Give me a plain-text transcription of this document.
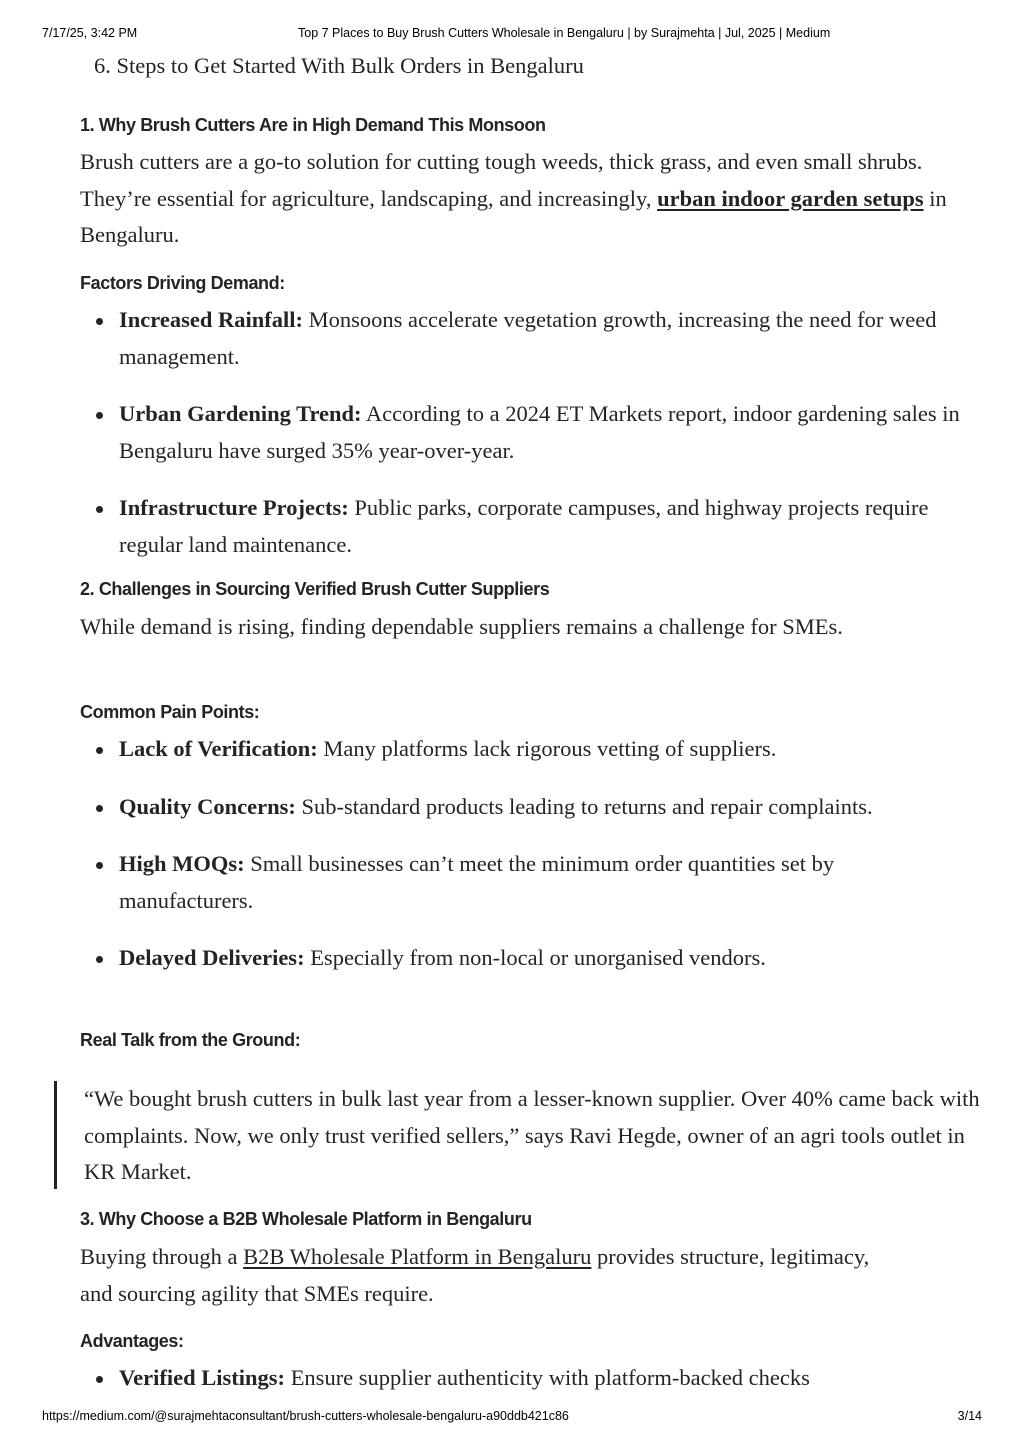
7/17/25, 3:42 PM	Top 7 Places to Buy Brush Cutters Wholesale in Bengaluru | by Surajmehta | Jul, 2025 | Medium

6. Steps to Get Started With Bulk Orders in Bengaluru

1. Why Brush Cutters Are in High Demand This Monsoon

Brush cutters are a go-to solution for cutting tough weeds, thick grass, and even small shrubs. They’re essential for agriculture, landscaping, and increasingly, urban indoor garden setups in Bengaluru.

Factors Driving Demand:
Increased Rainfall: Monsoons accelerate vegetation growth, increasing the need for weed management.
Urban Gardening Trend: According to a 2024 ET Markets report, indoor gardening sales in Bengaluru have surged 35% year-over-year.
Infrastructure Projects: Public parks, corporate campuses, and highway projects require regular land maintenance.
2. Challenges in Sourcing Verified Brush Cutter Suppliers

While demand is rising, finding dependable suppliers remains a challenge for SMEs.

Common Pain Points:
Lack of Verification: Many platforms lack rigorous vetting of suppliers.
Quality Concerns: Sub-standard products leading to returns and repair complaints.
High MOQs: Small businesses can’t meet the minimum order quantities set by manufacturers.
Delayed Deliveries: Especially from non-local or unorganised vendors.
Real Talk from the Ground:

“We bought brush cutters in bulk last year from a lesser-known supplier. Over 40% came back with complaints. Now, we only trust verified sellers,” says Ravi Hegde, owner of an agri tools outlet in KR Market.

3. Why Choose a B2B Wholesale Platform in Bengaluru

Buying through a B2B Wholesale Platform in Bengaluru provides structure, legitimacy, and sourcing agility that SMEs require.

Advantages:
Verified Listings: Ensure supplier authenticity with platform-backed checks
https://medium.com/@surajmehtaconsultant/brush-cutters-wholesale-bengaluru-a90ddb421c86	3/14
